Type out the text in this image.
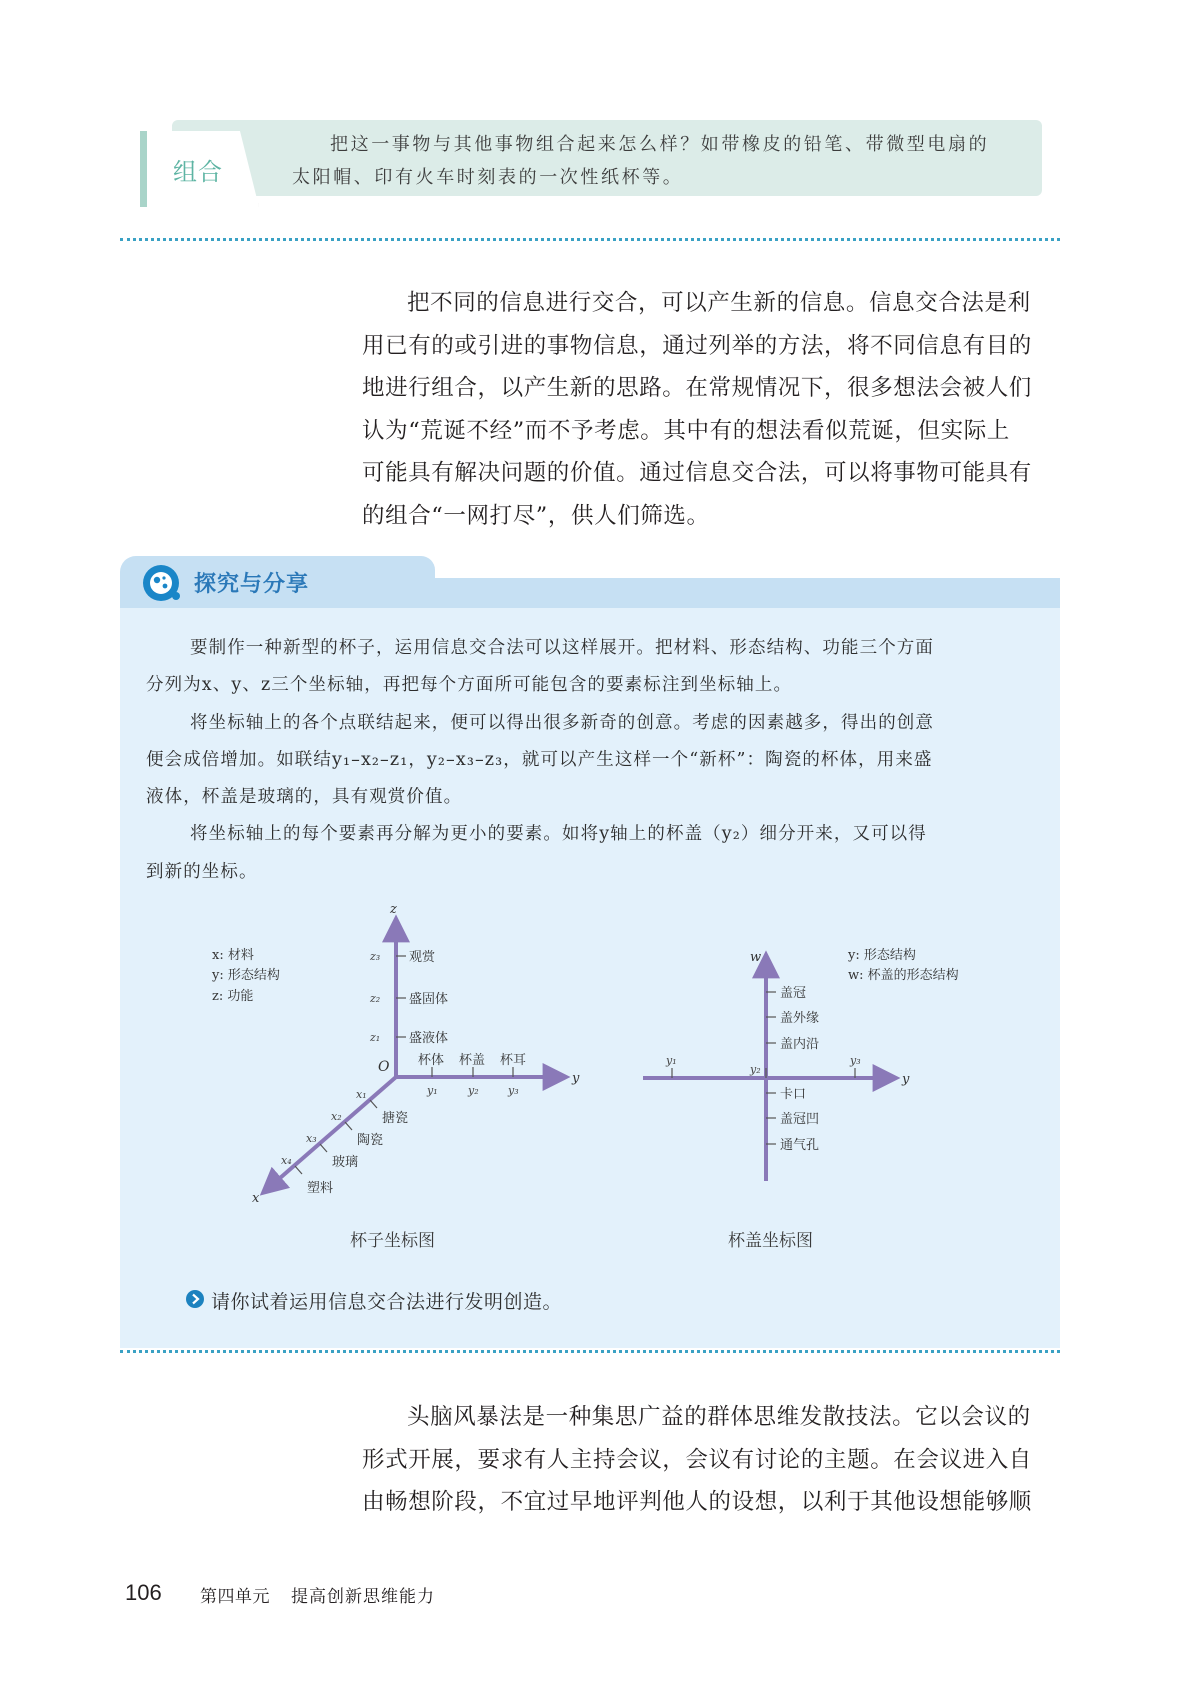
组合
把这一事物与其他事物组合起来怎么样？如带橡皮的铅笔、带微型电扇的
太阳帽、印有火车时刻表的一次性纸杯等。
把不同的信息进行交合，可以产生新的信息。信息交合法是利
用已有的或引进的事物信息，通过列举的方法，将不同信息有目的
地进行组合，以产生新的思路。在常规情况下，很多想法会被人们
认为“荒诞不经”而不予考虑。其中有的想法看似荒诞，但实际上
可能具有解决问题的价值。通过信息交合法，可以将事物可能具有
的组合“一网打尽”，供人们筛选。
探究与分享
要制作一种新型的杯子，运用信息交合法可以这样展开。把材料、形态结构、功能三个方面
分列为x、y、z三个坐标轴，再把每个方面所可能包含的要素标注到坐标轴上。
将坐标轴上的各个点联结起来，便可以得出很多新奇的创意。考虑的因素越多，得出的创意
便会成倍增加。如联结y₁–x₂–z₁，y₂–x₃–z₃，就可以产生这样一个“新杯”：陶瓷的杯体，用来盛
液体，杯盖是玻璃的，具有观赏价值。
将坐标轴上的每个要素再分解为更小的要素。如将y轴上的杯盖（y₂）细分开来，又可以得
到新的坐标。
z
y
x
O
z₃
z₂
z₁
观赏
盛固体
盛液体
杯体 杯盖 杯耳
y₁	y₂	y₃
x₁
x₂
x₃
x₄
搪瓷
陶瓷
玻璃
塑料
x: 材料
y: 形态结构
z: 功能
杯子坐标图
w
y
y₁
y₂
y₃
盖冠
盖外缘
盖内沿
卡口
盖冠凹
通气孔
y: 形态结构
w: 杯盖的形态结构
杯盖坐标图
请你试着运用信息交合法进行发明创造。
头脑风暴法是一种集思广益的群体思维发散技法。它以会议的
形式开展，要求有人主持会议，会议有讨论的主题。在会议进入自
由畅想阶段，不宜过早地评判他人的设想，以利于其他设想能够顺
106 第四单元 提高创新思维能力
